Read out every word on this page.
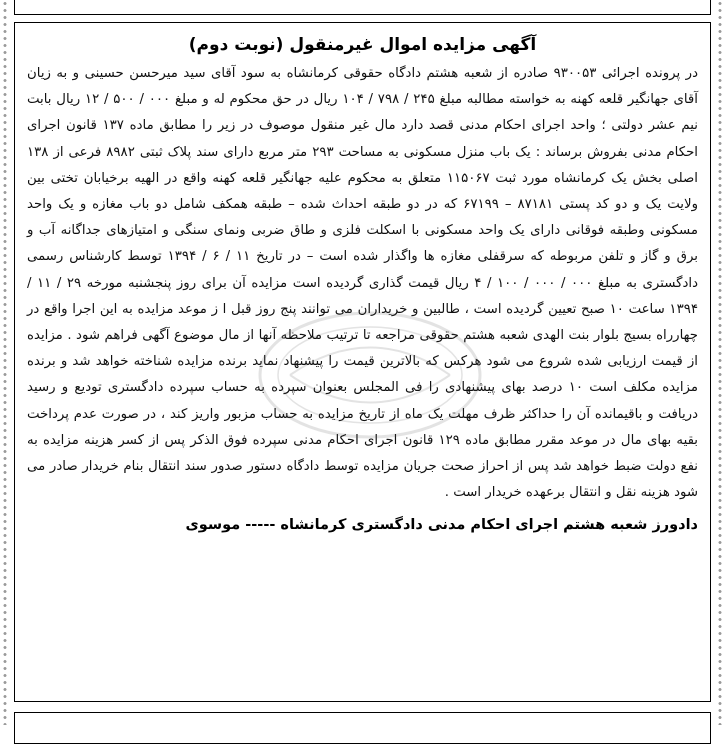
آگهی مزایده اموال غیرمنقول (نوبت دوم)

در پرونده اجرائی ۹۳۰۰۵۳ صادره از شعبه هشتم دادگاه حقوقی کرمانشاه به سود آقای سید میرحسن حسینی و به زیان آقای جهانگیر قلعه کهنه به خواسته مطالبه مبلغ ۲۴۵ / ۷۹۸ / ۱۰۴ ریال در حق محکوم له و مبلغ ۰۰۰ / ۵۰۰ / ۱۲ ریال بابت نیم عشر دولتی ؛ واحد اجرای احکام مدنی قصد دارد مال غیر منقول موصوف در زیر را مطابق ماده ۱۳۷ قانون اجرای احکام مدنی بفروش برساند : یک باب منزل مسکونی به مساحت ۲۹۳ متر مربع دارای سند پلاک ثبتی ۸۹۸۲ فرعی از ۱۳۸ اصلی بخش یک کرمانشاه مورد ثبت ۱۱۵۰۶۷ متعلق به محکوم علیه جهانگیر قلعه کهنه واقع در الهیه برخیابان تختی بین ولایت یک و دو کد پستی ۸۷۱۸۱ – ۶۷۱۹۹ که در دو طبقه احداث شده – طبقه همکف شامل دو باب مغازه و یک واحد مسکونی وطبقه فوقانی دارای یک واحد مسکونی با اسکلت فلزی و طاق ضربی ونمای سنگی و امتیازهای جداگانه آب و برق و گاز و تلفن مربوطه که سرقفلی مغازه ها واگذار شده است – در تاریخ ۱۱ / ۶ / ۱۳۹۴ توسط کارشناس رسمی دادگستری به مبلغ ۰۰۰ / ۰۰۰ / ۱۰۰ / ۴ ریال قیمت گذاری گردیده است مزایده آن برای روز پنجشنبه مورخه ۲۹ / ۱۱ / ۱۳۹۴ ساعت ۱۰ صبح تعیین گردیده است ، طالبین و خریداران می توانند پنج روز قبل ا ز موعد مزایده به این اجرا واقع در چهارراه بسیج بلوار بنت الهدی شعبه هشتم حقوقی مراجعه تا ترتیب ملاحظه آنها از مال موضوع آگهی فراهم شود . مزایده از قیمت ارزیابی شده شروع می شود هرکس که بالاترین قیمت را پیشنهاد نماید برنده مزایده شناخته خواهد شد و برنده مزایده مکلف است ۱۰ درصد بهای پیشنهادی را فی المجلس بعنوان سپرده به حساب سپرده دادگستری تودیع و رسید دریافت و باقیمانده آن را حداکثر ظرف مهلت یک ماه از تاریخ مزایده به حساب مزبور واریز کند ، در صورت عدم پرداخت بقیه بهای مال در موعد مقرر مطابق ماده ۱۲۹ قانون اجرای احکام مدنی سپرده فوق الذکر پس از کسر هزینه مزایده به نفع دولت ضبط خواهد شد پس از احراز صحت جریان مزایده توسط دادگاه دستور صدور سند انتقال بنام خریدار صادر می شود هزینه نقل و انتقال برعهده خریدار است .

دادورز شعبه هشتم اجرای احکام مدنی دادگستری کرمانشاه ----- موسوی
